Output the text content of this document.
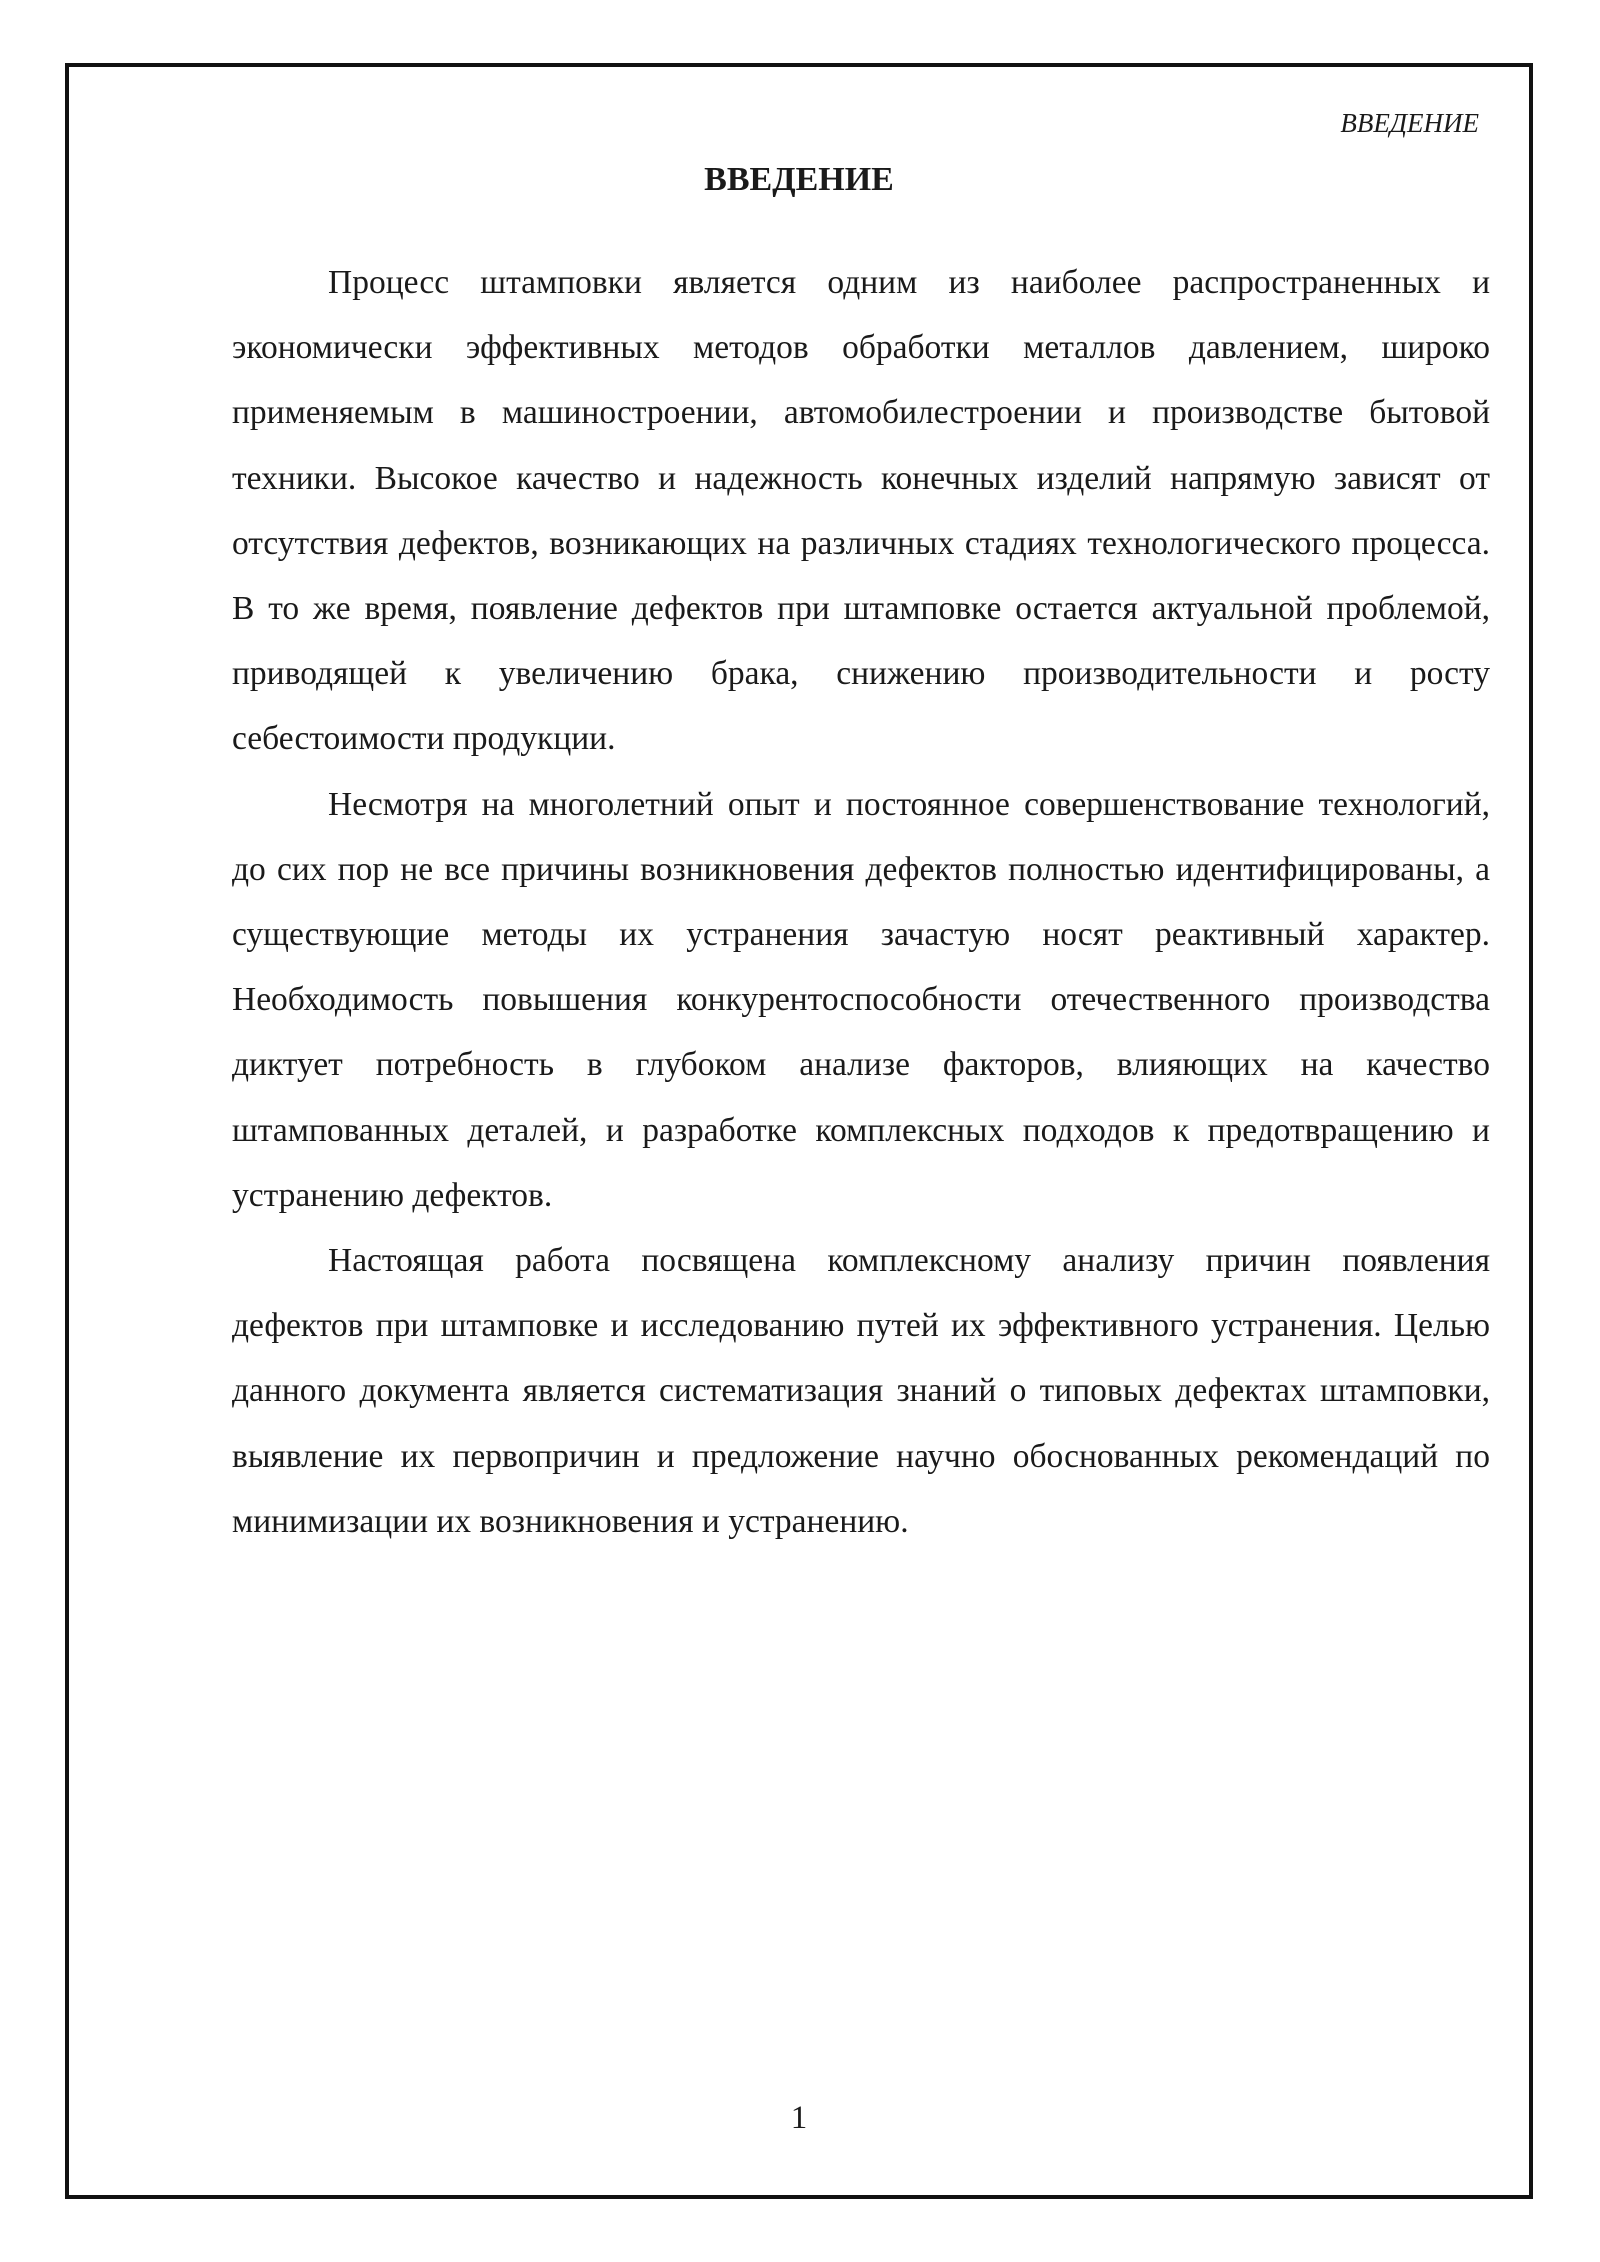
ВВЕДЕНИЕ
ВВЕДЕНИЕ

Процесс штамповки является одним из наиболее распространенных и экономически эффективных методов обработки металлов давлением, широко применяемым в машиностроении, автомобилестроении и производстве бытовой техники. Высокое качество и надежность конечных изделий напрямую зависят от отсутствия дефектов, возникающих на различных стадиях технологического процесса. В то же время, появление дефектов при штамповке остается актуальной проблемой, приводящей к увеличению брака, снижению производительности и росту себестоимости продукции.

Несмотря на многолетний опыт и постоянное совершенствование технологий, до сих пор не все причины возникновения дефектов полностью идентифицированы, а существующие методы их устранения зачастую носят реактивный характер. Необходимость повышения конкурентоспособности отечественного производства диктует потребность в глубоком анализе факторов, влияющих на качество штампованных деталей, и разработке комплексных подходов к предотвращению и устранению дефектов.

Настоящая работа посвящена комплексному анализу причин появления дефектов при штамповке и исследованию путей их эффективного устранения. Целью данного документа является систематизация знаний о типовых дефектах штамповки, выявление их первопричин и предложение научно обоснованных рекомендаций по минимизации их возникновения и устранению.

1
